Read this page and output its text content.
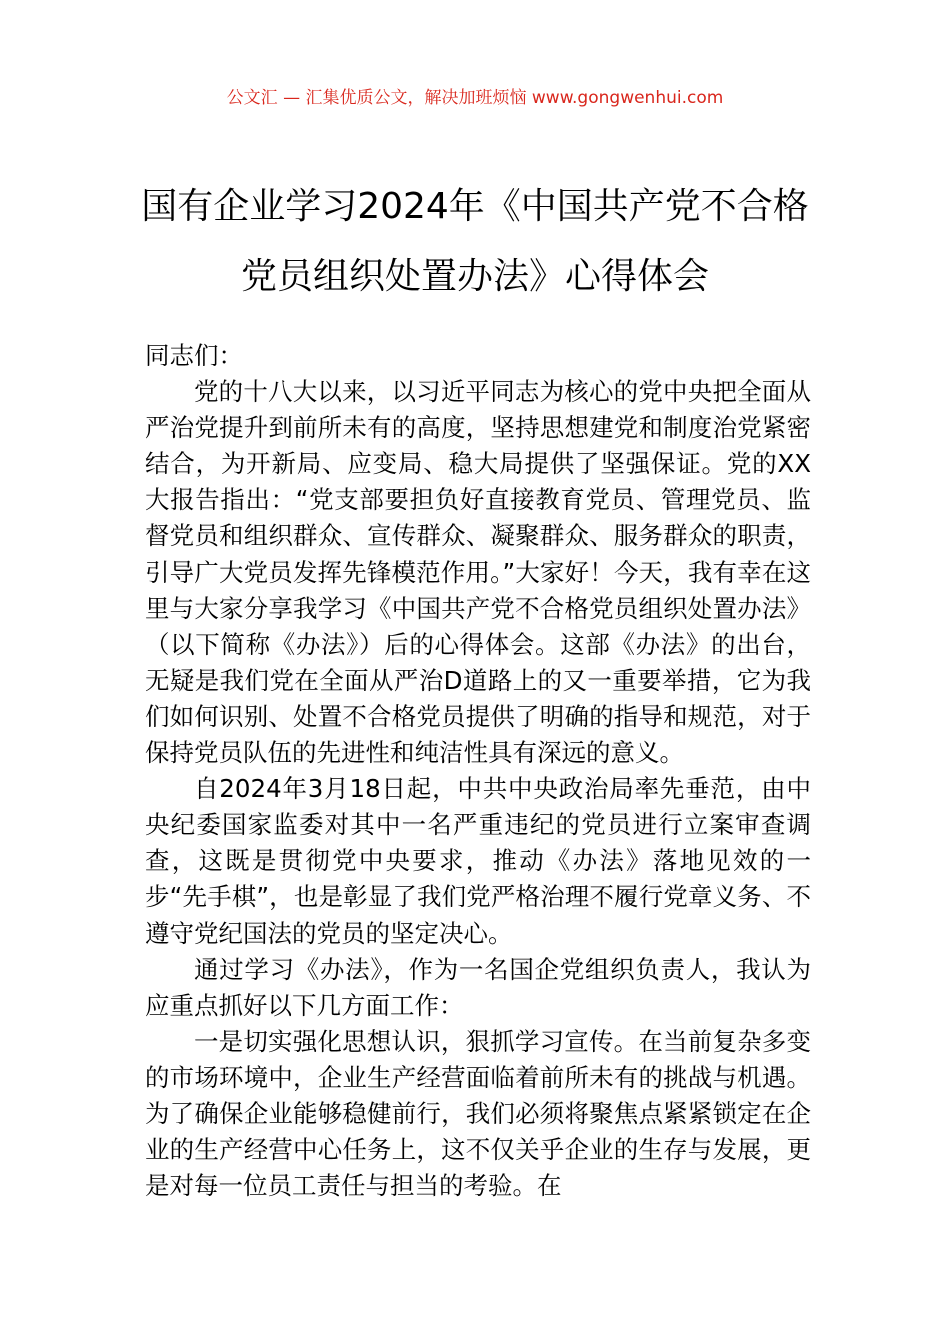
公文汇 — 汇集优质公文，解决加班烦恼 www.gongwenhui.com
国有企业学习2024年《中国共产党不合格
党员组织处置办法》心得体会

同志们：

党的十八大以来，以习近平同志为核心的党中央把全面从严治党提升到前所未有的高度，坚持思想建党和制度治党紧密结合，为开新局、应变局、稳大局提供了坚强保证。党的XX大报告指出：“党支部要担负好直接教育党员、管理党员、监督党员和组织群众、宣传群众、凝聚群众、服务群众的职责，引导广大党员发挥先锋模范作用。”大家好！今天，我有幸在这里与大家分享我学习《中国共产党不合格党员组织处置办法》（以下简称《办法》）后的心得体会。这部《办法》的出台，无疑是我们党在全面从严治D道路上的又一重要举措，它为我们如何识别、处置不合格党员提供了明确的指导和规范，对于保持党员队伍的先进性和纯洁性具有深远的意义。

自2024年3月18日起，中共中央政治局率先垂范，由中央纪委国家监委对其中一名严重违纪的党员进行立案审查调查，这既是贯彻党中央要求，推动《办法》落地见效的一步“先手棋”，也是彰显了我们党严格治理不履行党章义务、不遵守党纪国法的党员的坚定决心。

通过学习《办法》，作为一名国企党组织负责人，我认为应重点抓好以下几方面工作：

一是切实强化思想认识，狠抓学习宣传。在当前复杂多变的市场环境中，企业生产经营面临着前所未有的挑战与机遇。为了确保企业能够稳健前行，我们必须将聚焦点紧紧锁定在企业的生产经营中心任务上，这不仅关乎企业的生存与发展，更是对每一位员工责任与担当的考验。在
